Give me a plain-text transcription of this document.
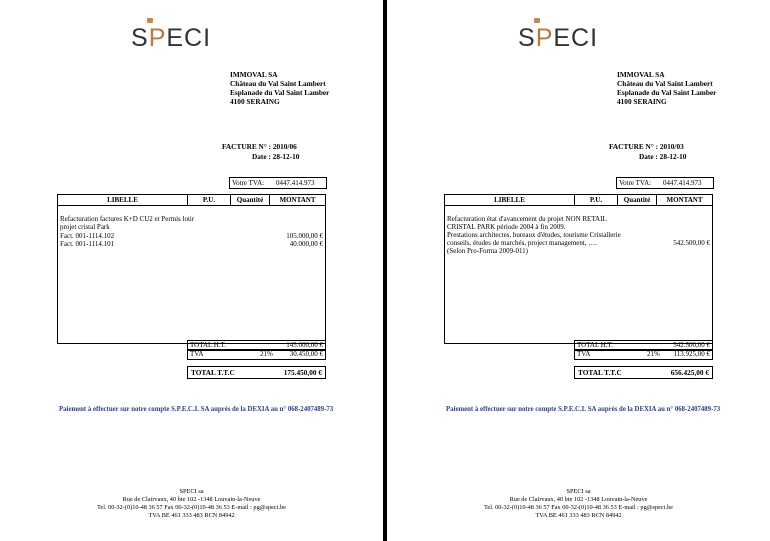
SPECI
IMMOVAL SA
Château du Val Saint Lambert
Esplanade du Val Saint Lamber
4100 SERAING
FACTURE N° : 2010/06
Date : 28-12-10
Votre TVA: 0447.414.973
LIBELLE	P.U.	Quantité	MONTANT
Refacturation factures K+D CU2 et Permis lotir
projet cristal Park
Fact. 001-1114.102	105.000,00 €
Fact. 001-1114.101	40.000,00 €
TOTAL H.T.	145.000,00 €
TVA	21% 30.450,00 €
TOTAL T.T.C	175.450,00 €
Paiement à effectuer sur notre compte S.P.E.C.I. SA auprès de la DEXIA au n° 068-2407489-73
SPECI sa
Rue de Clairvaux, 40 bte 102 -1348 Louvain-la-Neuve
Tel. 00-32-(0)10-48 36 57 Fax 00-32-(0)10-48 36 53 E-mail : pg@speci.be
TVA BE 461 333 483 RCN 84942
SPECI
IMMOVAL SA
Château du Val Saint Lambert
Esplanade du Val Saint Lamber
4100 SERAING
FACTURE N° : 2010/03
Date : 28-12-10
Votre TVA: 0447.414.973
LIBELLE	P.U.	Quantité	MONTANT
Refacturation état d'avancement du projet NON RETAIL
CRISTAL PARK période 2004 à fin 2009.
Prestations architectes, bureaux d'études, tourisme Cristallerie
conseils, études de marchés, project management, ….	542.500,00 €
(Selon Pro-Forma 2009-011)
TOTAL H.T.	542.500,00 €
TVA	21% 113.925,00 €
TOTAL T.T.C	656.425,00 €
Paiement à effectuer sur notre compte S.P.E.C.I. SA auprès de la DEXIA au n° 068-2407489-73
SPECI sa
Rue de Clairvaux, 40 bte 102 -1348 Louvain-la-Neuve
Tel. 00-32-(0)10-48 36 57 Fax 00-32-(0)10-48 36 53 E-mail : pg@speci.be
TVA BE 461 333 483 RCN 84942
